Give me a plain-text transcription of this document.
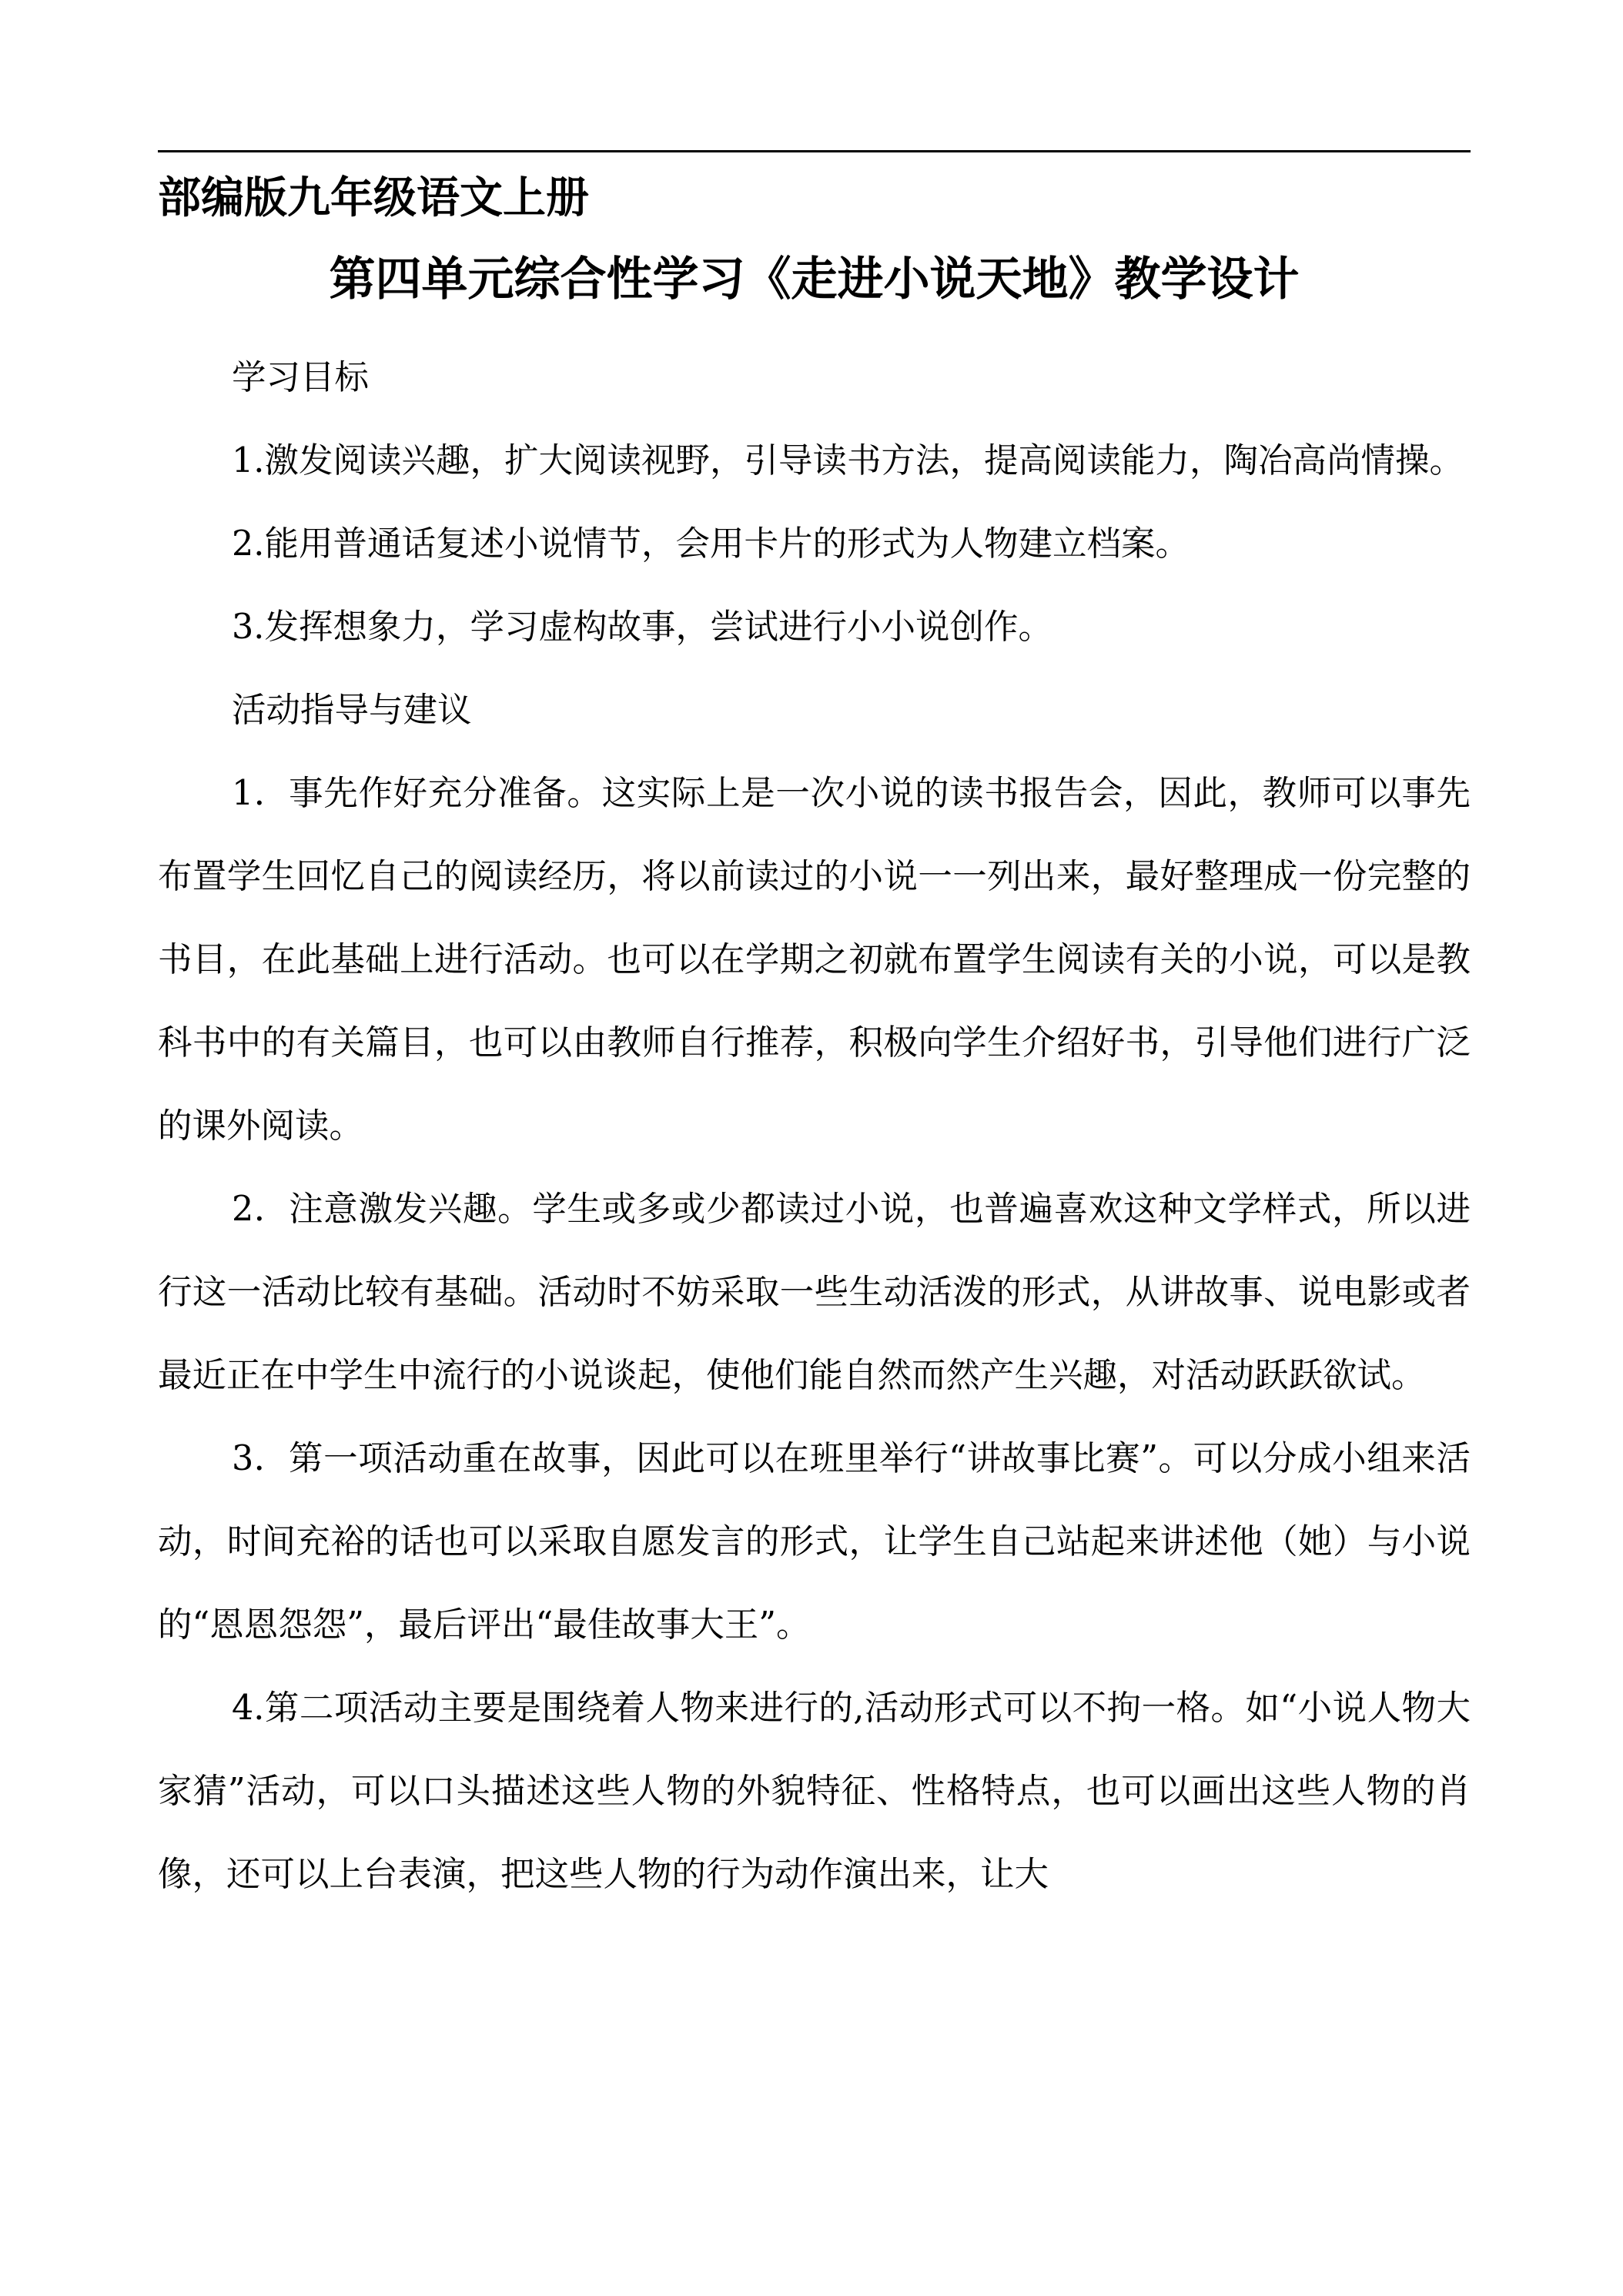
部编版九年级语文上册
第四单元综合性学习《走进小说天地》教学设计

学习目标

1.激发阅读兴趣，扩大阅读视野，引导读书方法，提高阅读能力，陶冶高尚情操。

2.能用普通话复述小说情节，会用卡片的形式为人物建立档案。

3.发挥想象力，学习虚构故事，尝试进行小小说创作。

活动指导与建议

1．事先作好充分准备。这实际上是一次小说的读书报告会，因此，教师可以事先布置学生回忆自己的阅读经历，将以前读过的小说一一列出来，最好整理成一份完整的书目，在此基础上进行活动。也可以在学期之初就布置学生阅读有关的小说，可以是教科书中的有关篇目，也可以由教师自行推荐，积极向学生介绍好书，引导他们进行广泛的课外阅读。

2．注意激发兴趣。学生或多或少都读过小说，也普遍喜欢这种文学样式，所以进行这一活动比较有基础。活动时不妨采取一些生动活泼的形式，从讲故事、说电影或者最近正在中学生中流行的小说谈起，使他们能自然而然产生兴趣，对活动跃跃欲试。

3．第一项活动重在故事，因此可以在班里举行“讲故事比赛”。可以分成小组来活动，时间充裕的话也可以采取自愿发言的形式，让学生自己站起来讲述他（她）与小说的“恩恩怨怨”，最后评出“最佳故事大王”。

4.第二项活动主要是围绕着人物来进行的,活动形式可以不拘一格。如“小说人物大家猜”活动，可以口头描述这些人物的外貌特征、性格特点，也可以画出这些人物的肖像，还可以上台表演，把这些人物的行为动作演出来，让大
